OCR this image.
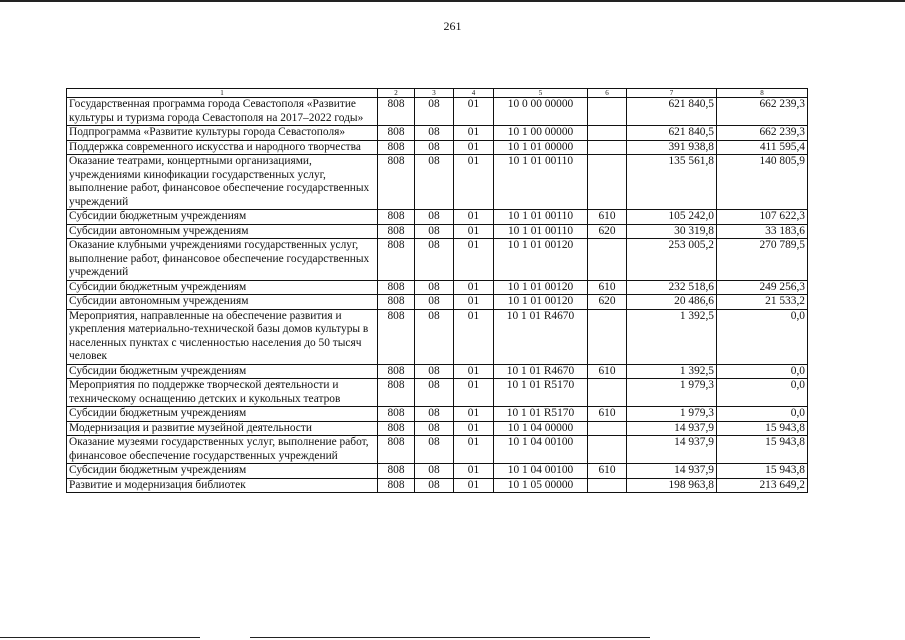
261
1	2	3	4	5	6	7	8
Государственная программа города Севастополя «Развитие культуры и туризма города Севастополя на 2017–2022 годы»	808	08	01	10 0 00 00000		621 840,5	662 239,3
Подпрограмма «Развитие культуры города Севастополя»	808	08	01	10 1 00 00000		621 840,5	662 239,3
Поддержка современного искусства и народного творчества	808	08	01	10 1 01 00000		391 938,8	411 595,4
Оказание театрами, концертными организациями, учреждениями кинофикации государственных услуг, выполнение работ, финансовое обеспечение государственных учреждений	808	08	01	10 1 01 00110		135 561,8	140 805,9
Субсидии бюджетным учреждениям	808	08	01	10 1 01 00110	610	105 242,0	107 622,3
Субсидии автономным учреждениям	808	08	01	10 1 01 00110	620	30 319,8	33 183,6
Оказание клубными учреждениями государственных услуг, выполнение работ, финансовое обеспечение государственных учреждений	808	08	01	10 1 01 00120		253 005,2	270 789,5
Субсидии бюджетным учреждениям	808	08	01	10 1 01 00120	610	232 518,6	249 256,3
Субсидии автономным учреждениям	808	08	01	10 1 01 00120	620	20 486,6	21 533,2
Мероприятия, направленные на обеспечение развития и укрепления материально-технической базы домов культуры в населенных пунктах с численностью населения до 50 тысяч человек	808	08	01	10 1 01 R4670		1 392,5	0,0
Субсидии бюджетным учреждениям	808	08	01	10 1 01 R4670	610	1 392,5	0,0
Мероприятия по поддержке творческой деятельности и техническому оснащению детских и кукольных театров	808	08	01	10 1 01 R5170		1 979,3	0,0
Субсидии бюджетным учреждениям	808	08	01	10 1 01 R5170	610	1 979,3	0,0
Модернизация и развитие музейной деятельности	808	08	01	10 1 04 00000		14 937,9	15 943,8
Оказание музеями государственных услуг, выполнение работ, финансовое обеспечение государственных учреждений	808	08	01	10 1 04 00100		14 937,9	15 943,8
Субсидии бюджетным учреждениям	808	08	01	10 1 04 00100	610	14 937,9	15 943,8
Развитие и модернизация библиотек	808	08	01	10 1 05 00000		198 963,8	213 649,2
